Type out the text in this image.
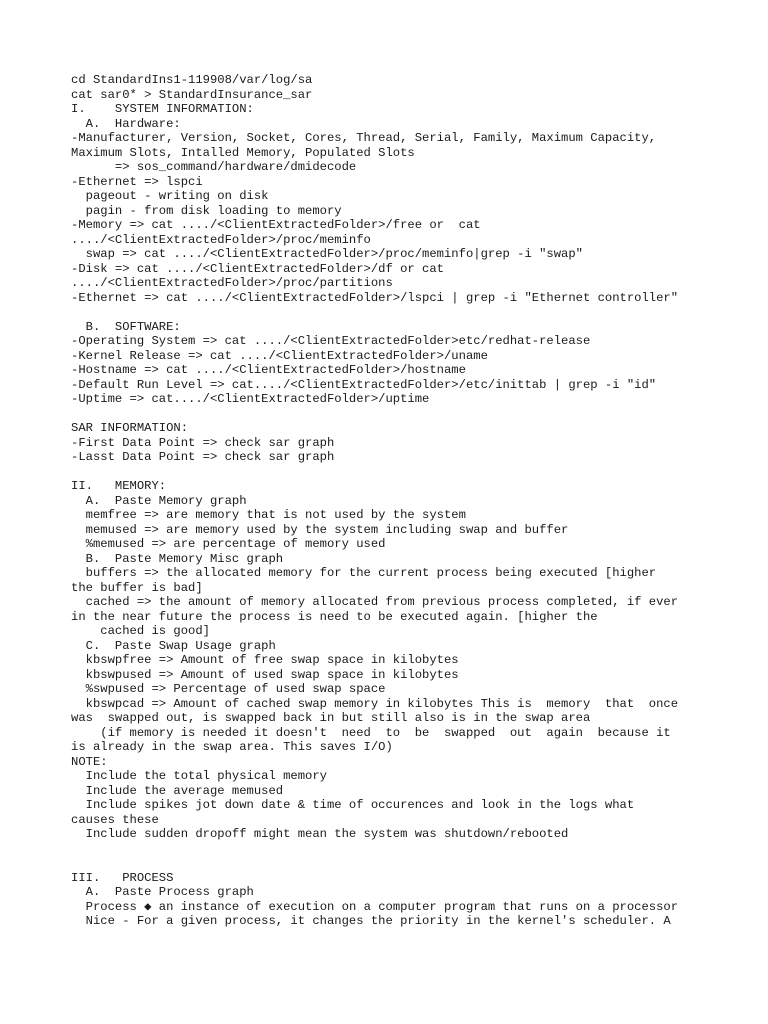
cd StandardIns1-119908/var/log/sa
cat sar0* > StandardInsurance_sar
I.    SYSTEM INFORMATION:
A.  Hardware:
-Manufacturer, Version, Socket, Cores, Thread, Serial, Family, Maximum Capacity,
Maximum Slots, Intalled Memory, Populated Slots
=> sos_command/hardware/dmidecode
-Ethernet => lspci
pageout - writing on disk
pagin - from disk loading to memory
-Memory => cat ..../<ClientExtractedFolder>/free or  cat
..../<ClientExtractedFolder>/proc/meminfo
swap => cat ..../<ClientExtractedFolder>/proc/meminfo|grep -i "swap"
-Disk => cat ..../<ClientExtractedFolder>/df or cat
..../<ClientExtractedFolder>/proc/partitions
-Ethernet => cat ..../<ClientExtractedFolder>/lspci | grep -i "Ethernet controller"
B.  SOFTWARE:
-Operating System => cat ..../<ClientExtractedFolder>etc/redhat-release
-Kernel Release => cat ..../<ClientExtractedFolder>/uname
-Hostname => cat ..../<ClientExtractedFolder>/hostname
-Default Run Level => cat..../<ClientExtractedFolder>/etc/inittab | grep -i "id"
-Uptime => cat..../<ClientExtractedFolder>/uptime
SAR INFORMATION:
-First Data Point => check sar graph
-Lasst Data Point => check sar graph
II.   MEMORY:
A.  Paste Memory graph
memfree => are memory that is not used by the system
memused => are memory used by the system including swap and buffer
%memused => are percentage of memory used
B.  Paste Memory Misc graph
buffers => the allocated memory for the current process being executed [higher
the buffer is bad]
cached => the amount of memory allocated from previous process completed, if ever
in the near future the process is need to be executed again. [higher the
cached is good]
C.  Paste Swap Usage graph
kbswpfree => Amount of free swap space in kilobytes
kbswpused => Amount of used swap space in kilobytes
%swpused => Percentage of used swap space
kbswpcad => Amount of cached swap memory in kilobytes This is  memory  that  once
was  swapped out, is swapped back in but still also is in the swap area
(if memory is needed it doesn't  need  to  be  swapped  out  again  because it
is already in the swap area. This saves I/O)
NOTE:
Include the total physical memory
Include the average memused
Include spikes jot down date & time of occurences and look in the logs what
causes these
Include sudden dropoff might mean the system was shutdown/rebooted
III.   PROCESS
A.  Paste Process graph
Process ◆ an instance of execution on a computer program that runs on a processor
Nice - For a given process, it changes the priority in the kernel's scheduler. A
